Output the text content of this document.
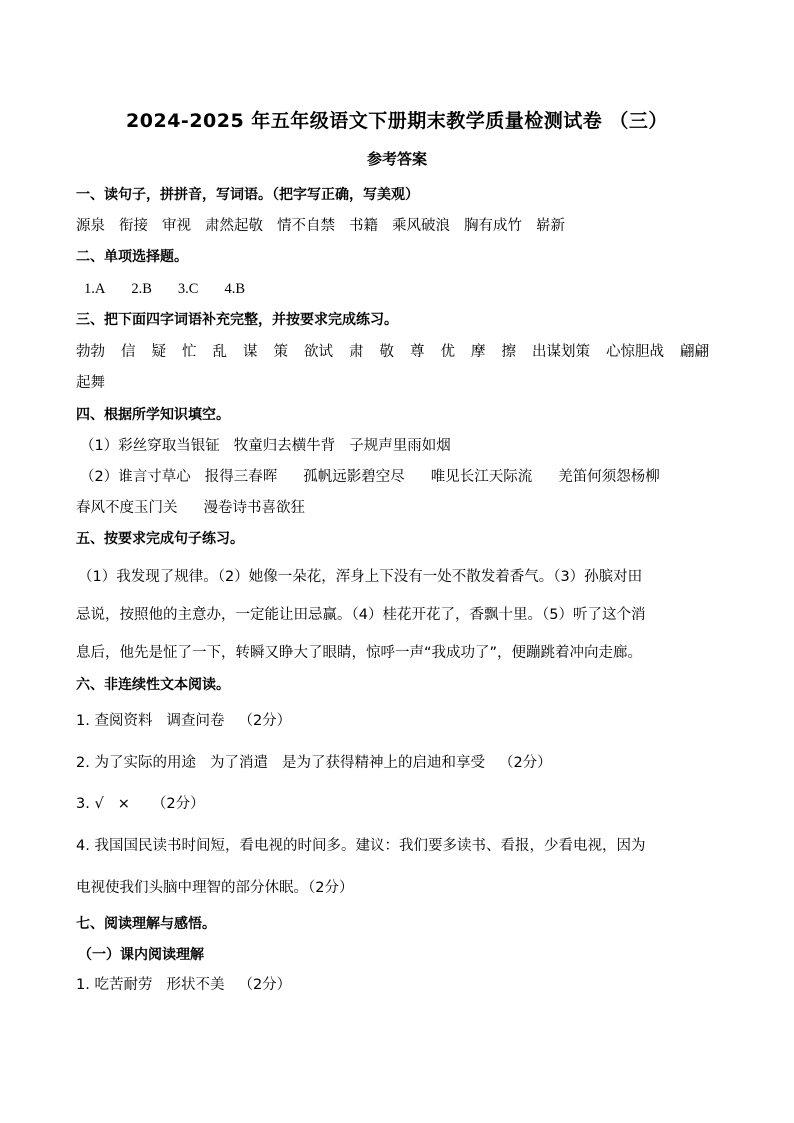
2024-2025 年五年级语文下册期末教学质量检测试卷 （三）
参考答案
一、读句子，拼拼音，写词语。（把字写正确，写美观）
源泉 衔接 审视 肃然起敬 情不自禁 书籍 乘风破浪 胸有成竹 崭新
二、单项选择题。
1.A 2.B 3.C 4.B
三、把下面四字词语补充完整，并按要求完成练习。
勃勃 信 疑 忙 乱 谋 策 欲试 肃 敬 尊 优 摩 擦 出谋划策 心惊胆战 翩翩
起舞
四、根据所学知识填空。
（1）彩丝穿取当银钲 牧童归去横牛背 子规声里雨如烟
（2）谁言寸草心 报得三春晖 孤帆远影碧空尽 唯见长江天际流 羌笛何须怨杨柳
春风不度玉门关 漫卷诗书喜欲狂
五、按要求完成句子练习。
（1）我发现了规律。（2）她像一朵花，浑身上下没有一处不散发着香气。（3）孙膑对田
忌说，按照他的主意办，一定能让田忌赢。（4）桂花开花了，香飘十里。（5）听了这个消
息后，他先是怔了一下，转瞬又睁大了眼睛，惊呼一声“我成功了”，便蹦跳着冲向走廊。
六、非连续性文本阅读。
1. 查阅资料 调查问卷 （2分）
2. 为了实际的用途 为了消遣 是为了获得精神上的启迪和享受 （2分）
3. √ × （2分）
4. 我国国民读书时间短，看电视的时间多。建议：我们要多读书、看报，少看电视，因为
电视使我们头脑中理智的部分休眠。（2分）
七、阅读理解与感悟。
（一）课内阅读理解
1. 吃苦耐劳 形状不美 （2分）
